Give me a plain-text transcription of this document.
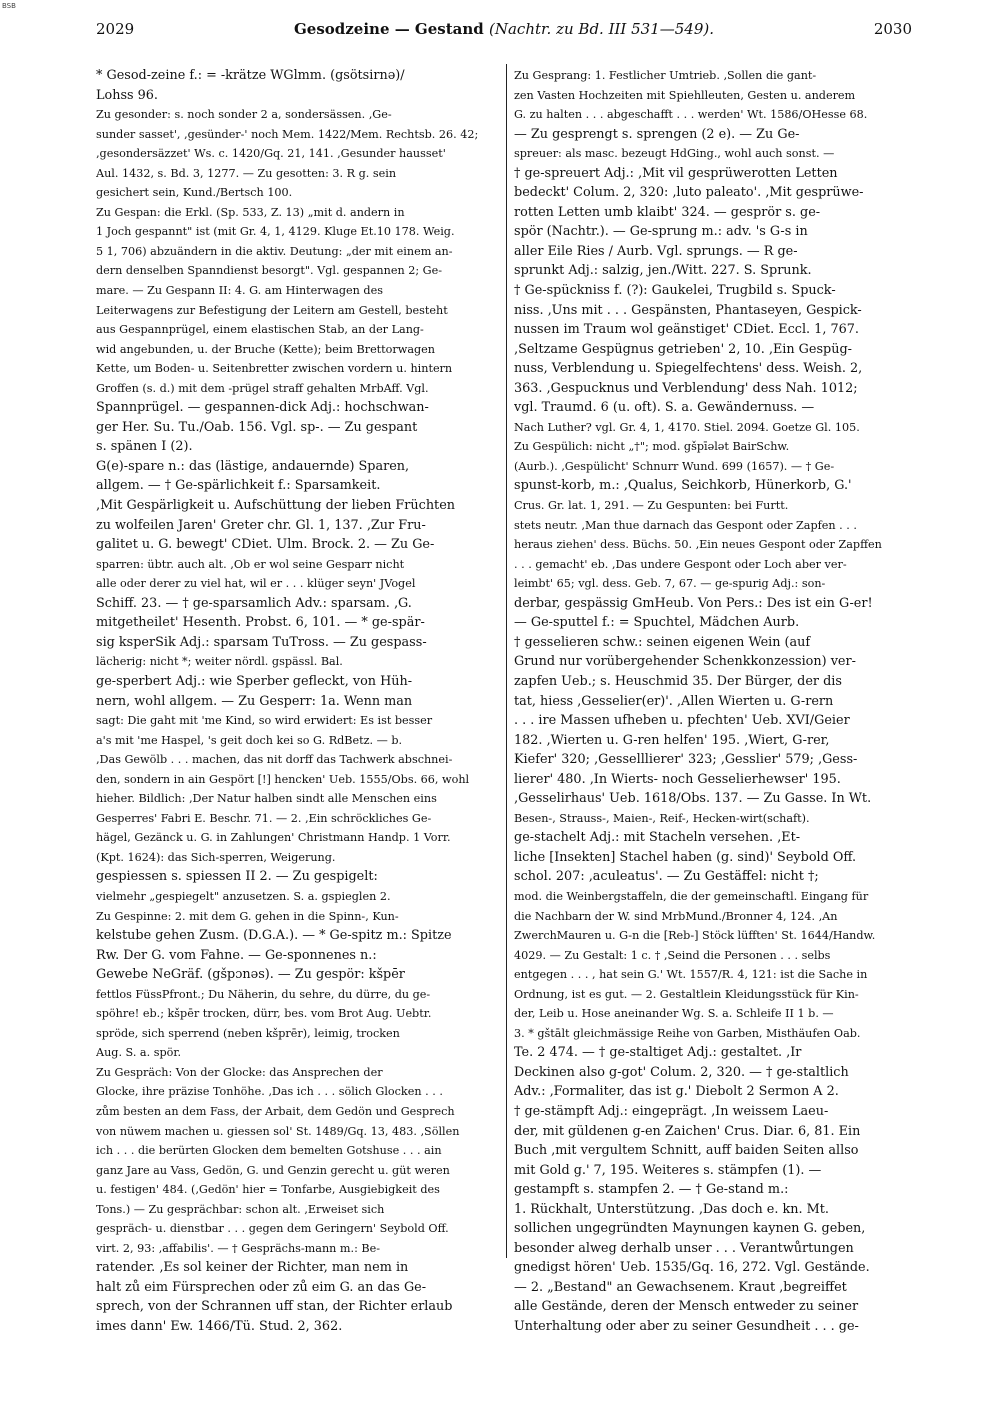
BSB
2029	Gesodzeine — Gestand (Nachtr. zu Bd. III 531—549).	2030
* Gesod-zeine f.: = -krätze WGlmm. (gsötsirnə)/
Lohss 96.
Zu gesonder: s. noch sonder 2 a, sondersässen. ‚Ge-
sunder sasset', ‚gesünder-' noch Mem. 1422/Mem. Rechtsb. 26. 42;
‚gesondersäzzet' Ws. c. 1420/Gq. 21, 141. ‚Gesunder hausset'
Aul. 1432, s. Bd. 3, 1277. — Zu gesotten: 3. R g. sein
gesichert sein, Kund./Bertsch 100.
Zu Gespan: die Erkl. (Sp. 533, Z. 13) „mit d. andern in
1 Joch gespannt" ist (mit Gr. 4, 1, 4129. Kluge Et.10 178. Weig.
5 1, 706) abzuändern in die aktiv. Deutung: „der mit einem an-
dern denselben Spanndienst besorgt". Vgl. gespannen 2; Ge-
mare. — Zu Gespann II: 4. G. am Hinterwagen des
Leiterwagens zur Befestigung der Leitern am Gestell, besteht
aus Gespannprügel, einem elastischen Stab, an der Lang-
wid angebunden, u. der Bruche (Kette); beim Brettorwagen
Kette, um Boden- u. Seitenbretter zwischen vordern u. hintern
Groffen (s. d.) mit dem -prügel straff gehalten MrbAff. Vgl.
Spannprügel. — gespannen-dick Adj.: hochschwan-
ger Her. Su. Tu./Oab. 156. Vgl. sp-. — Zu gespant
s. spänen I (2).
G(e)-spare n.: das (lästige, andauernde) Sparen,
allgem. — † Ge-spärlichkeit f.: Sparsamkeit.
‚Mit Gespärligkeit u. Aufschüttung der lieben Früchten
zu wolfeilen Jaren' Greter chr. Gl. 1, 137. ‚Zur Fru-
galitet u. G. bewegt' CDiet. Ulm. Brock. 2. — Zu Ge-
sparren: übtr. auch alt. ‚Ob er wol seine Gesparr nicht
alle oder derer zu viel hat, wil er . . . klüger seyn' JVogel
Schiff. 23. — † ge-sparsamlich Adv.: sparsam. ‚G.
mitgetheilet' Hesenth. Probst. 6, 101. — * ge-spär-
sig ksperSik Adj.: sparsam TuTross. — Zu gespass-
lächerig: nicht *; weiter nördl. gspässl. Bal.
ge-sperbert Adj.: wie Sperber gefleckt, von Hüh-
nern, wohl allgem. — Zu Gesperr: 1a. Wenn man
sagt: Die gaht mit 'me Kind, so wird erwidert: Es ist besser
a's mit 'me Haspel, 's geit doch kei so G. RdBetz. — b.
‚Das Gewölb . . . machen, das nit dorff das Tachwerk abschnei-
den, sondern in ain Gespört [!] hencken' Ueb. 1555/Obs. 66, wohl
hieher. Bildlich: ‚Der Natur halben sindt alle Menschen eins
Gesperres' Fabri E. Beschr. 71. — 2. ‚Ein schröckliches Ge-
hägel, Gezänck u. G. in Zahlungen' Christmann Handp. 1 Vorr.
(Kpt. 1624): das Sich-sperren, Weigerung.
gespiessen s. spiessen II 2. — Zu gespigelt:
vielmehr „gespiegelt" anzusetzen. S. a. gspieglen 2.
Zu Gespinne: 2. mit dem G. gehen in die Spinn-, Kun-
kelstube gehen Zusm. (D.G.A.). — * Ge-spitz m.: Spitze
Rw. Der G. vom Fahne. — Ge-sponnenes n.:
Gewebe NeGräf. (gšpɔnəs). — Zu gespör: kšpēr
fettlos FüssPfront.; Du Näherin, du sehre, du dürre, du ge-
spöhre! eb.; kšpēr trocken, dürr, bes. vom Brot Aug. Uebtr.
spröde, sich sperrend (neben kšprēr), leimig, trocken
Aug. S. a. spör.
Zu Gespräch: Von der Glocke: das Ansprechen der
Glocke, ihre präzise Tonhöhe. ‚Das ich . . . sölich Glocken . . .
zům besten an dem Fass, der Arbait, dem Gedön und Gesprech
von nüwem machen u. giessen sol' St. 1489/Gq. 13, 483. ‚Söllen
ich . . . die berürten Glocken dem bemelten Gotshuse . . . ain
ganz Jare au Vass, Gedön, G. und Genzin gerecht u. güt weren
u. festigen' 484. (‚Gedön' hier = Tonfarbe, Ausgiebigkeit des
Tons.) — Zu gesprächbar: schon alt. ‚Erweiset sich
gespräch- u. dienstbar . . . gegen dem Geringern' Seybold Off.
virt. 2, 93: ‚affabilis'. — † Gesprächs-mann m.: Be-
ratender. ‚Es sol keiner der Richter, man nem in
halt zů eim Fürsprechen oder zů eim G. an das Ge-
sprech, von der Schrannen uff stan, der Richter erlaub
imes dann' Ew. 1466/Tü. Stud. 2, 362.
Zu Gesprang: 1. Festlicher Umtrieb. ‚Sollen die gant-
zen Vasten Hochzeiten mit Spiehlleuten, Gesten u. anderem
G. zu halten . . . abgeschafft . . . werden' Wt. 1586/OHesse 68.
— Zu gesprengt s. sprengen (2 e). — Zu Ge-
spreuer: als masc. bezeugt HdGing., wohl auch sonst. —
† ge-spreuert Adj.: ‚Mit vil gesprüwerotten Letten
bedeckt' Colum. 2, 320: ‚luto paleato'. ‚Mit gesprüwe-
rotten Letten umb klaibt' 324. — gesprör s. ge-
spör (Nachtr.). — Ge-sprung m.: adv. 's G-s in
aller Eile Ries / Aurb. Vgl. sprungs. — R ge-
sprunkt Adj.: salzig, jen./Witt. 227. S. Sprunk.
† Ge-spückniss f. (?): Gaukelei, Trugbild s. Spuck-
niss. ‚Uns mit . . . Gespänsten, Phantaseyen, Gespick-
nussen im Traum wol geänstiget' CDiet. Eccl. 1, 767.
‚Seltzame Gespügnus getrieben' 2, 10. ‚Ein Gespüg-
nuss, Verblendung u. Spiegelfechtens' dess. Weish. 2,
363. ‚Gespucknus und Verblendung' dess Nah. 1012;
vgl. Traumd. 6 (u. oft). S. a. Gewändernuss. —
Nach Luther? vgl. Gr. 4, 1, 4170. Stiel. 2094. Goetze Gl. 105.
Zu Gespülich: nicht „†"; mod. gšpīələt BairSchw.
(Aurb.). ‚Gespülicht' Schnurr Wund. 699 (1657). — † Ge-
spunst-korb, m.: ‚Qualus, Seichkorb, Hünerkorb, G.'
Crus. Gr. lat. 1, 291. — Zu Gespunten: bei Furtt.
stets neutr. ‚Man thue darnach das Gespont oder Zapfen . . .
heraus ziehen' dess. Büchs. 50. ‚Ein neues Gespont oder Zapffen
. . . gemacht' eb. ‚Das undere Gespont oder Loch aber ver-
leimbt' 65; vgl. dess. Geb. 7, 67. — ge-spurig Adj.: son-
derbar, gespässig GmHeub. Von Pers.: Des ist ein G-er!
— Ge-sputtel f.: = Spuchtel, Mädchen Aurb.
† gesselieren schw.: seinen eigenen Wein (auf
Grund nur vorübergehender Schenkkonzession) ver-
zapfen Ueb.; s. Heuschmid 35. Der Bürger, der dis
tat, hiess ‚Gesselier(er)'. ‚Allen Wierten u. G-rern
. . . ire Massen ufheben u. pfechten' Ueb. XVI/Geier
182. ‚Wierten u. G-ren helfen' 195. ‚Wiert, G-rer,
Kiefer' 320; ‚Gesselllierer' 323; ‚Gesslier' 579; ‚Gess-
lierer' 480. ‚In Wierts- noch Gesselierhewser' 195.
‚Gesselirhaus' Ueb. 1618/Obs. 137. — Zu Gasse. In Wt.
Besen-, Strauss-, Maien-, Reif-, Hecken-wirt(schaft).
ge-stachelt Adj.: mit Stacheln versehen. ‚Et-
liche [Insekten] Stachel haben (g. sind)' Seybold Off.
schol. 207: ‚aculeatus'. — Zu Gestäffel: nicht †;
mod. die Weinbergstaffeln, die der gemeinschaftl. Eingang für
die Nachbarn der W. sind MrbMund./Bronner 4, 124. ‚An
ZwerchMauren u. G-n die [Reb-] Stöck lüfften' St. 1644/Handw.
4029. — Zu Gestalt: 1 c. † ‚Seind die Personen . . . selbs
entgegen . . . , hat sein G.' Wt. 1557/R. 4, 121: ist die Sache in
Ordnung, ist es gut. — 2. Gestaltlein Kleidungsstück für Kin-
der, Leib u. Hose aneinander Wg. S. a. Schleife II 1 b. —
3. * gštālt gleichmässige Reihe von Garben, Misthäufen Oab.
Te. 2 474. — † ge-staltiget Adj.: gestaltet. ‚Ir
Deckinen also g-got' Colum. 2, 320. — † ge-staltlich
Adv.: ‚Formaliter, das ist g.' Diebolt 2 Sermon A 2.
† ge-stämpft Adj.: eingeprägt. ‚In weissem Laeu-
der, mit güldenen g-en Zaichen' Crus. Diar. 6, 81. Ein
Buch ‚mit vergultem Schnitt, auff baiden Seiten allso
mit Gold g.' 7, 195. Weiteres s. stämpfen (1). —
gestampft s. stampfen 2. — † Ge-stand m.:
1. Rückhalt, Unterstützung. ‚Das doch e. kn. Mt.
sollichen ungegründten Maynungen kaynen G. geben,
besonder alweg derhalb unser . . . Verantwůrtungen
gnedigst hören' Ueb. 1535/Gq. 16, 272. Vgl. Gestände.
— 2. „Bestand" an Gewachsenem. Kraut ‚begreiffet
alle Gestände, deren der Mensch entweder zu seiner
Unterhaltung oder aber zu seiner Gesundheit . . . ge-
